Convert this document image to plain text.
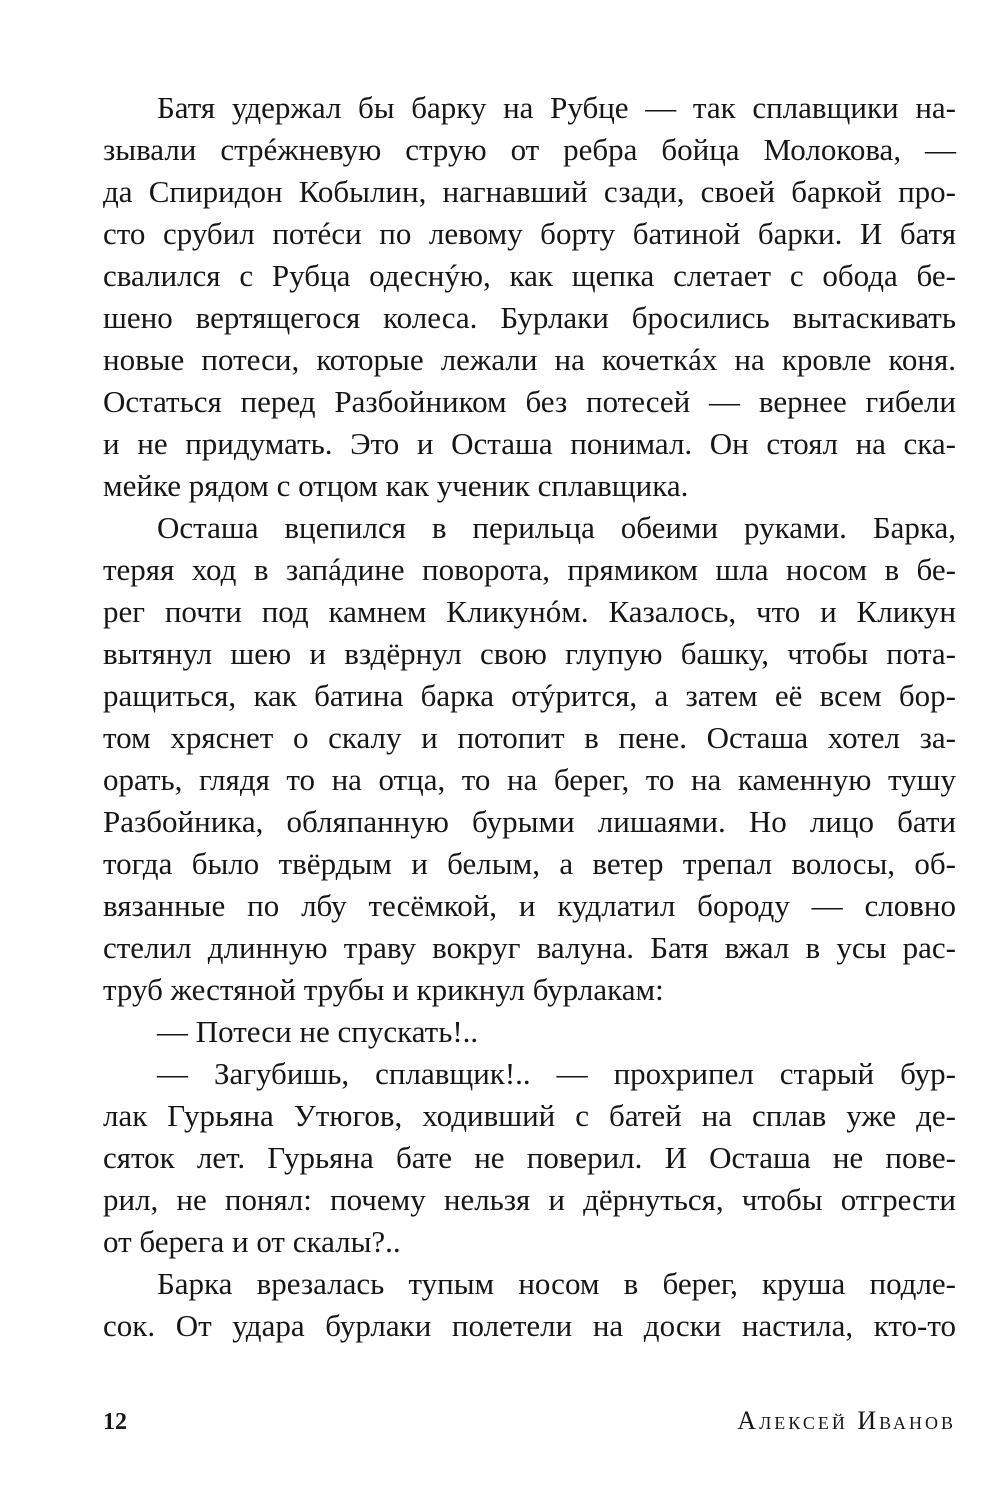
Батя удержал бы барку на Рубце — так сплавщики на-
зывали стрéжневую струю от ребра бойца Молокова, —
да Спиридон Кобылин, нагнавший сзади, своей баркой про-
сто срубил потéси по левому борту батиной барки. И батя
свалился с Рубца одеснýю, как щепка слетает с обода бе-
шено вертящегося колеса. Бурлаки бросились вытаскивать
новые потеси, которые лежали на кочеткáх на кровле коня.
Остаться перед Разбойником без потесей — вернее гибели
и не придумать. Это и Осташа понимал. Он стоял на ска-
мейке рядом с отцом как ученик сплавщика.
Осташа вцепился в перильца обеими руками. Барка,
теряя ход в запáдине поворота, прямиком шла носом в бе-
рег почти под камнем Кликунóм. Казалось, что и Кликун
вытянул шею и вздёрнул свою глупую башку, чтобы пота-
ращиться, как батина барка отýрится, а затем её всем бор-
том хряснет о скалу и потопит в пене. Осташа хотел за-
орать, глядя то на отца, то на берег, то на каменную тушу
Разбойника, обляпанную бурыми лишаями. Но лицо бати
тогда было твёрдым и белым, а ветер трепал волосы, об-
вязанные по лбу тесёмкой, и кудлатил бороду — словно
стелил длинную траву вокруг валуна. Батя вжал в усы рас-
труб жестяной трубы и крикнул бурлакам:
— Потеси не спускать!..
— Загубишь, сплавщик!.. — прохрипел старый бур-
лак Гурьяна Утюгов, ходивший с батей на сплав уже де-
сяток лет. Гурьяна бате не поверил. И Осташа не пове-
рил, не понял: почему нельзя и дёрнуться, чтобы отгрести
от берега и от скалы?..
Барка врезалась тупым носом в берег, круша подле-
сок. От удара бурлаки полетели на доски настила, кто-то
12	Алексей Иванов
